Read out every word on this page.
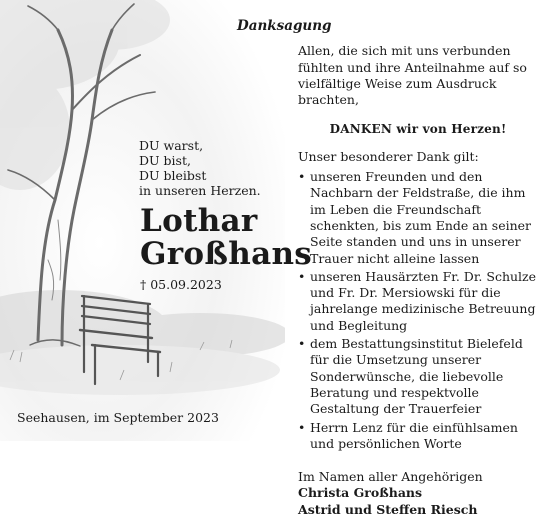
DU warst,
DU bist,
DU bleibst
in unseren Herzen.
Lothar
Großhans
† 05.09.2023
Seehausen, im September 2023
Danksagung

Allen, die sich mit uns verbunden fühlten und ihre Anteilnahme auf so vielfältige Weise zum Ausdruck brachten,

DANKEN wir von Herzen!

Unser besonderer Dank gilt:

• unseren Freunden und den Nachbarn der Feldstraße, die ihm im Leben die Freundschaft schenkten, bis zum Ende an seiner Seite standen und uns in unserer Trauer nicht alleine lassen
• unseren Hausärzten Fr. Dr. Schulze und Fr. Dr. Mersiowski für die jahrelange medizinische Betreuung und Begleitung
• dem Bestattungsinstitut Bielefeld für die Umsetzung unserer Sonderwünsche, die liebevolle Beratung und respektvolle Gestaltung der Trauerfeier
• Herrn Lenz für die einfühlsamen und persönlichen Worte
Im Namen aller Angehörigen
Christa Großhans
Astrid und Steffen Riesch
